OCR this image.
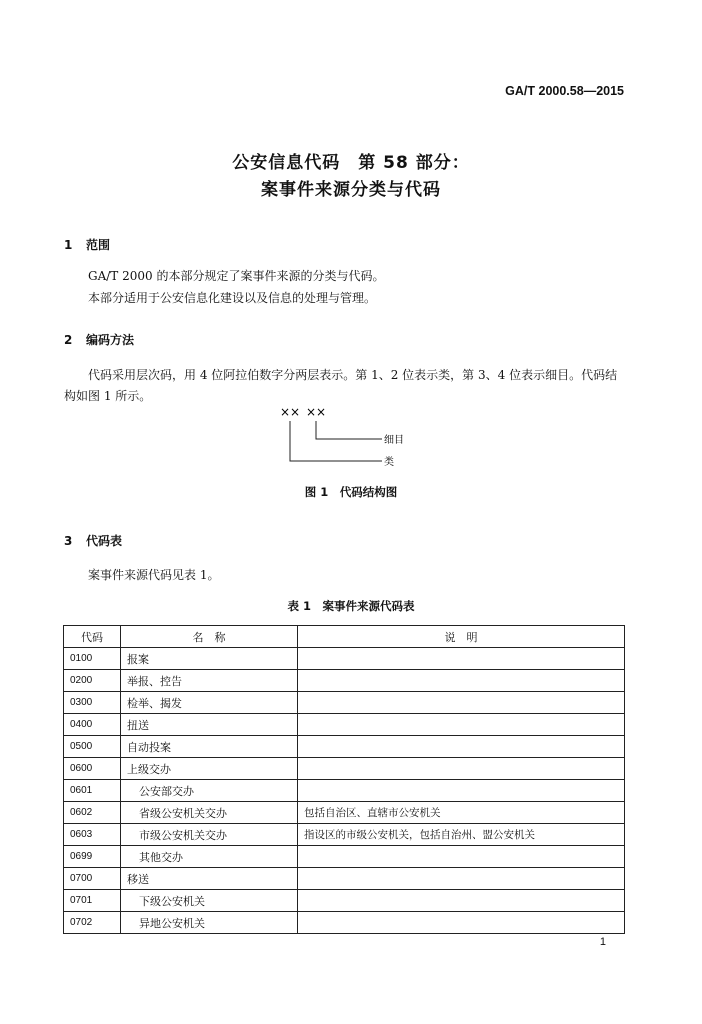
GA/T 2000.58—2015
公安信息代码　第 58 部分：
案事件来源分类与代码
1 范围
GA/T 2000 的本部分规定了案事件来源的分类与代码。
本部分适用于公安信息化建设以及信息的处理与管理。
2 编码方法
代码采用层次码，用 4 位阿拉伯数字分两层表示。第 1、2 位表示类，第 3、4 位表示细目。代码结构如图 1 所示。
×× ××
细目
类
图 1　代码结构图
3 代码表
案事件来源代码见表 1。
表 1　案事件来源代码表
代码	名　称	说　明
0100	报案	
0200	举报、控告	
0300	检举、揭发	
0400	扭送	
0500	自动投案	
0600	上级交办	
0601	公安部交办	
0602	省级公安机关交办	包括自治区、直辖市公安机关
0603	市级公安机关交办	指设区的市级公安机关，包括自治州、盟公安机关
0699	其他交办	
0700	移送	
0701	下级公安机关	
0702	异地公安机关	
1
